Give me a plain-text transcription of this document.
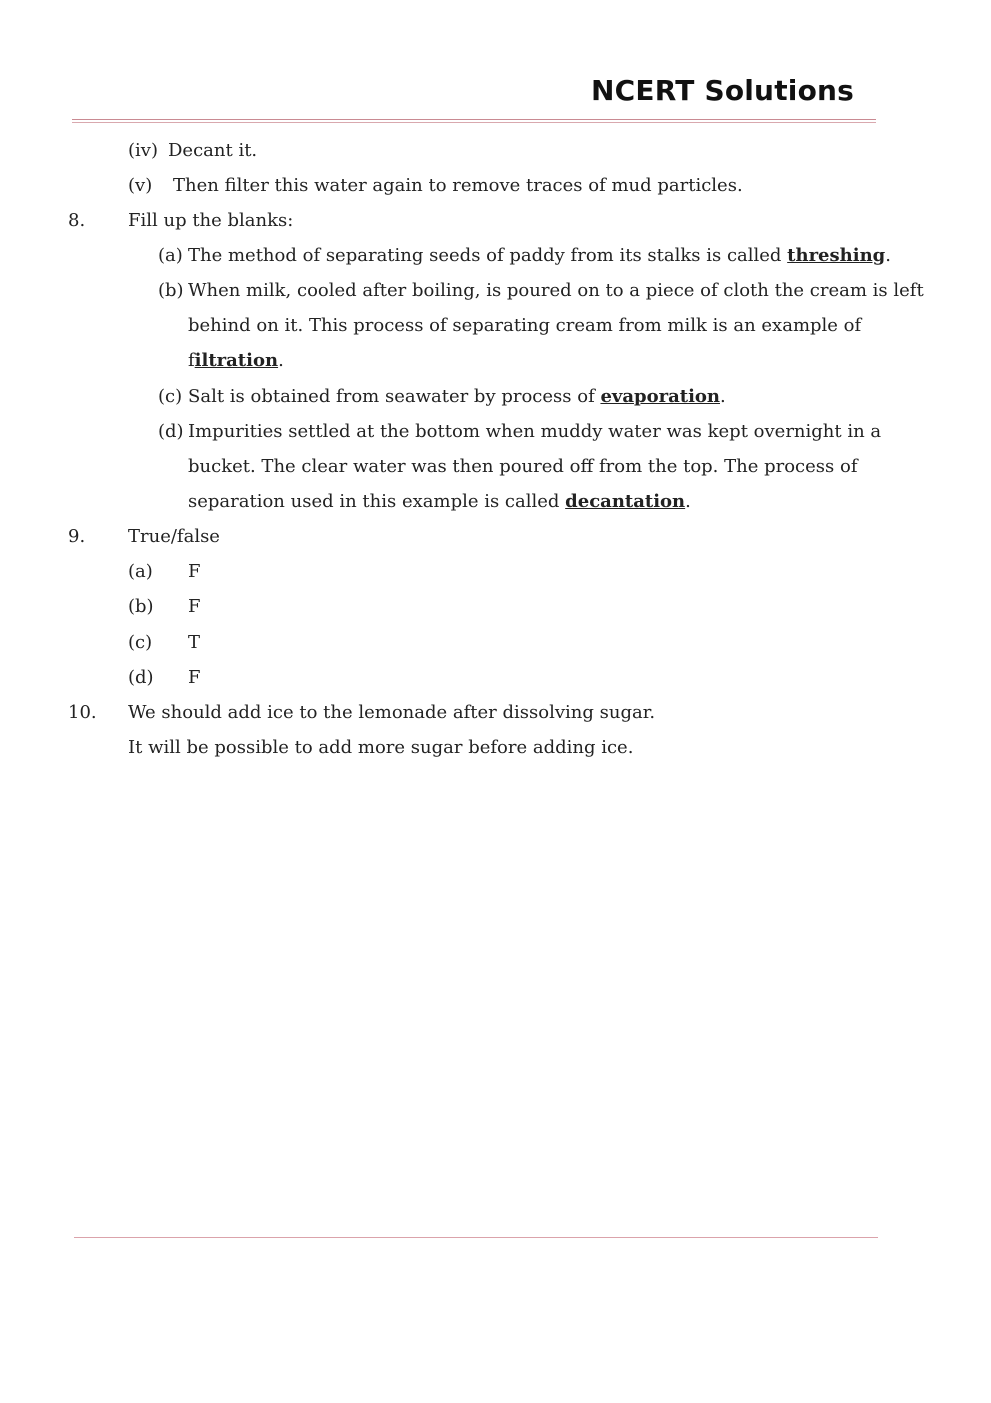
NCERT Solutions
(iv) Decant it.
(v) Then filter this water again to remove traces of mud particles.
8. Fill up the blanks:
(a) The method of separating seeds of paddy from its stalks is called threshing.
(b) When milk, cooled after boiling, is poured on to a piece of cloth the cream is left
behind on it. This process of separating cream from milk is an example of
filtration.
(c) Salt is obtained from seawater by process of evaporation.
(d) Impurities settled at the bottom when muddy water was kept overnight in a
bucket. The clear water was then poured off from the top. The process of
separation used in this example is called decantation.
9. True/false
(a) F
(b) F
(c) T
(d) F
10. We should add ice to the lemonade after dissolving sugar.
It will be possible to add more sugar before adding ice.
